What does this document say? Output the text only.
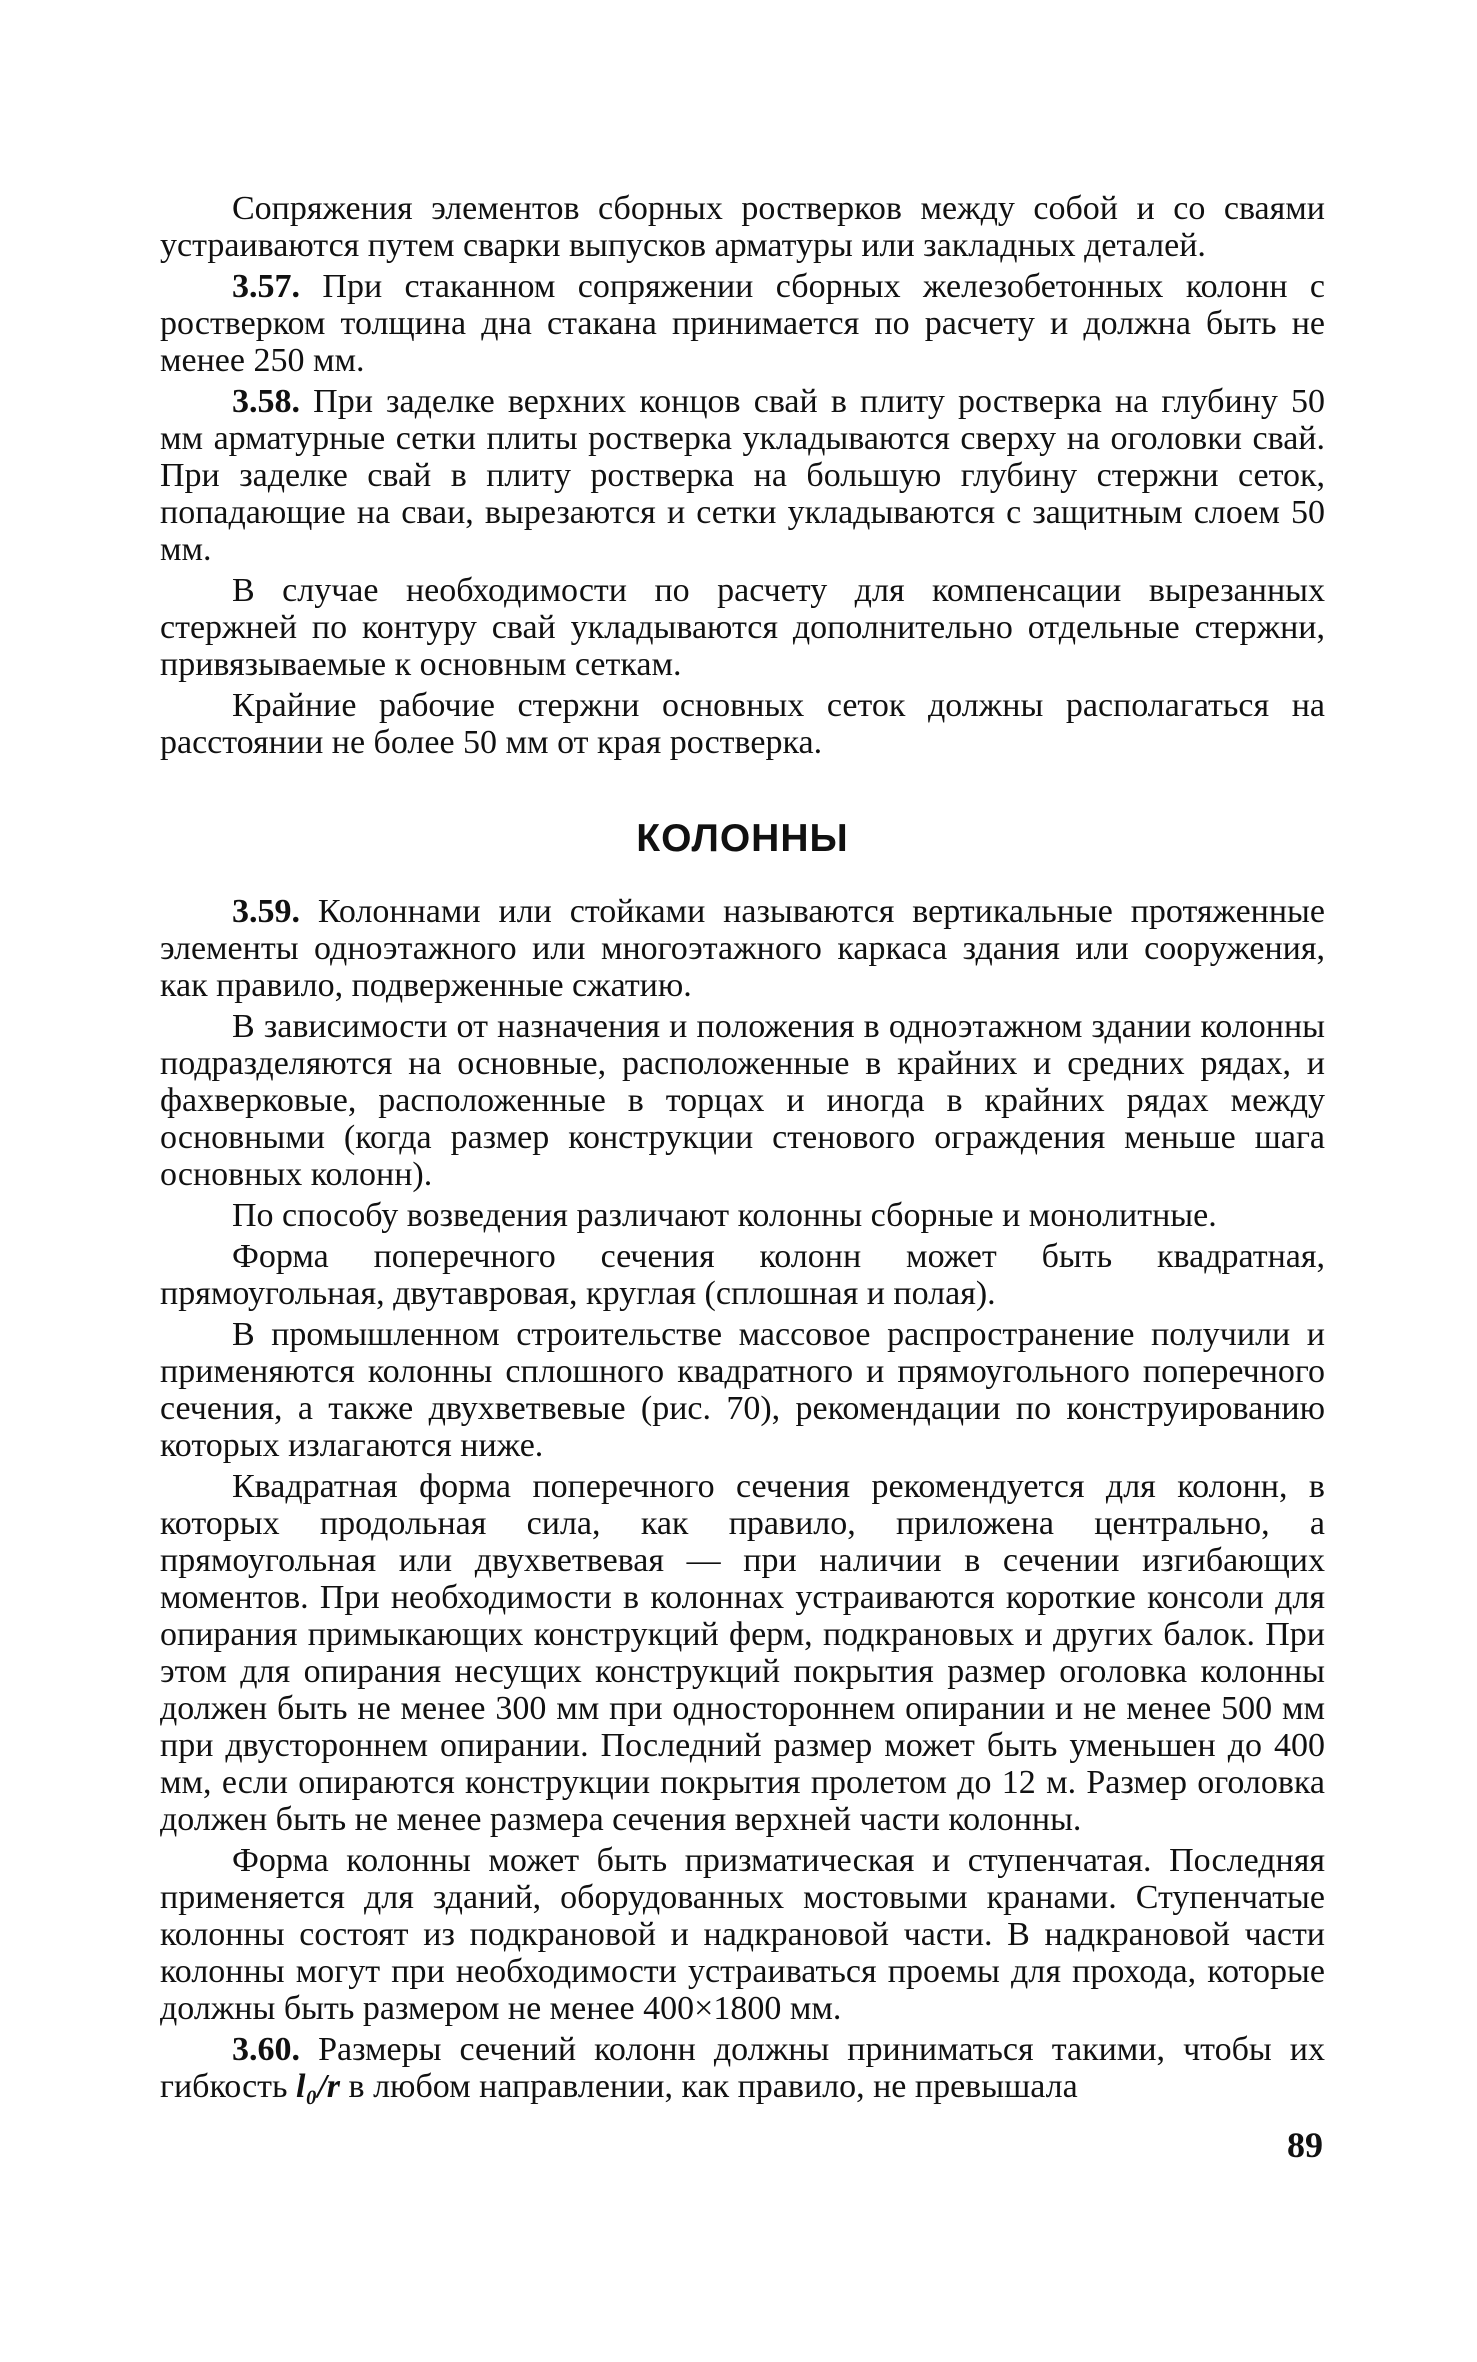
Сопряжения элементов сборных ростверков между собой и со сваями устраиваются путем сварки выпусков арматуры или закладных деталей.

3.57. При стаканном сопряжении сборных железобетонных колонн с ростверком толщина дна стакана принимается по расчету и должна быть не менее 250 мм.

3.58. При заделке верхних концов свай в плиту ростверка на глубину 50 мм арматурные сетки плиты ростверка укладываются сверху на оголовки свай. При заделке свай в плиту ростверка на большую глубину стержни сеток, попадающие на сваи, вырезаются и сетки укладываются с защитным слоем 50 мм.

В случае необходимости по расчету для компенсации вырезанных стержней по контуру свай укладываются дополнительно отдельные стержни, привязываемые к основным сеткам.

Крайние рабочие стержни основных сеток должны располагаться на расстоянии не более 50 мм от края ростверка.

КОЛОННЫ

3.59. Колоннами или стойками называются вертикальные протяженные элементы одноэтажного или многоэтажного каркаса здания или сооружения, как правило, подверженные сжатию.

В зависимости от назначения и положения в одноэтажном здании колонны подразделяются на основные, расположенные в крайних и средних рядах, и фахверковые, расположенные в торцах и иногда в крайних рядах между основными (когда размер конструкции стенового ограждения меньше шага основных колонн).

По способу возведения различают колонны сборные и монолитные.

Форма поперечного сечения колонн может быть квадратная, прямоугольная, двутавровая, круглая (сплошная и полая).

В промышленном строительстве массовое распространение получили и применяются колонны сплошного квадратного и прямоугольного поперечного сечения, а также двухветвевые (рис. 70), рекомендации по конструированию которых излагаются ниже.

Квадратная форма поперечного сечения рекомендуется для колонн, в которых продольная сила, как правило, приложена центрально, а прямоугольная или двухветвевая — при наличии в сечении изгибающих моментов. При необходимости в колоннах устраиваются короткие консоли для опирания примыкающих конструкций ферм, подкрановых и других балок. При этом для опирания несущих конструкций покрытия размер оголовка колонны должен быть не менее 300 мм при одностороннем опирании и не менее 500 мм при двустороннем опирании. Последний размер может быть уменьшен до 400 мм, если опираются конструкции покрытия пролетом до 12 м. Размер оголовка должен быть не менее размера сечения верхней части колонны.

Форма колонны может быть призматическая и ступенчатая. Последняя применяется для зданий, оборудованных мостовыми кранами. Ступенчатые колонны состоят из подкрановой и надкрановой части. В надкрановой части колонны могут при необходимости устраиваться проемы для прохода, которые должны быть размером не менее 400×1800 мм.

3.60. Размеры сечений колонн должны приниматься такими, чтобы их гибкость l₀/r в любом направлении, как правило, не превышала

89
